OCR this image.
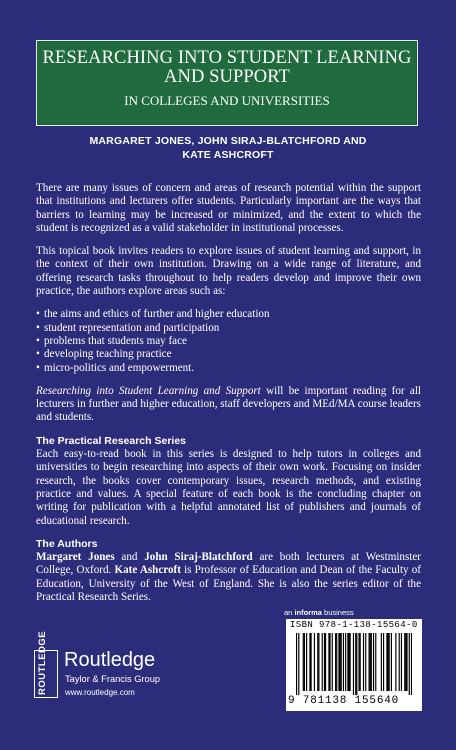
RESEARCHING INTO STUDENT LEARNING
AND SUPPORT
IN COLLEGES AND UNIVERSITIES
MARGARET JONES, JOHN SIRAJ-BLATCHFORD AND
KATE ASHCROFT

There are many issues of concern and areas of research potential within the support that institutions and lecturers offer students. Particularly important are the ways that barriers to learning may be increased or minimized, and the extent to which the student is recognized as a valid stakeholder in institutional processes.

This topical book invites readers to explore issues of student learning and support, in the context of their own institution. Drawing on a wide range of literature, and offering research tasks throughout to help readers develop and improve their own practice, the authors explore areas such as:

• the aims and ethics of further and higher education
• student representation and participation
• problems that students may face
• developing teaching practice
• micro-politics and empowerment.

Researching into Student Learning and Support will be important reading for all lecturers in further and higher education, staff developers and MEd/MA course leaders and students.

The Practical Research Series
Each easy-to-read book in this series is designed to help tutors in colleges and universities to begin researching into aspects of their own work. Focusing on insider research, the books cover contemporary issues, research methods, and existing practice and values. A special feature of each book is the concluding chapter on writing for publication with a helpful annotated list of publishers and journals of educational research.
The Authors
Margaret Jones and John Siraj-Blatchford are both lecturers at Westminster College, Oxford. Kate Ashcroft is Professor of Education and Dean of the Faculty of Education, University of the West of England. She is also the series editor of the Practical Research Series.
an informa business
ISBN 978-1-138-15564-0
9 781138 155640
ROUTLEDGE Routledge
Taylor & Francis Group
www.routledge.com
